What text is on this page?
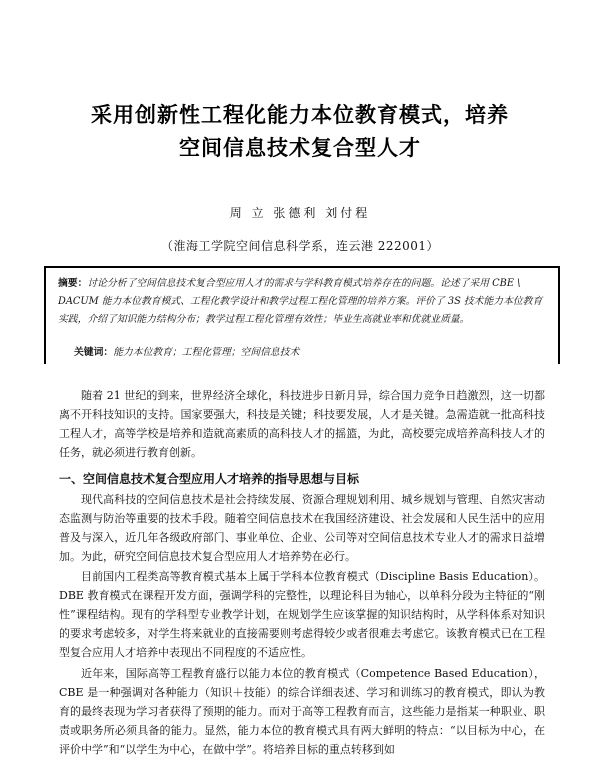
采用创新性工程化能力本位教育模式，培养
空间信息技术复合型人才
周 立 张德利 刘付程
（淮海工学院空间信息科学系，连云港 222001）
摘要：讨论分析了空间信息技术复合型应用人才的需求与学科教育模式培养存在的问题。论述了采用 CBE \ DACUM 能力本位教育模式、工程化教学设计和教学过程工程化管理的培养方案。评价了 3S 技术能力本位教育实践，介绍了知识能力结构分布；教学过程工程化管理有效性；毕业生高就业率和优就业质量。
关键词：能力本位教育；工程化管理；空间信息技术
随着 21 世纪的到来，世界经济全球化，科技进步日新月异，综合国力竞争日趋激烈，这一切都离不开科技知识的支持。国家要强大，科技是关键；科技要发展，人才是关键。急需造就一批高科技工程人才，高等学校是培养和造就高素质的高科技人才的摇篮，为此，高校要完成培养高科技人才的任务，就必须进行教育创新。
一、空间信息技术复合型应用人才培养的指导思想与目标
现代高科技的空间信息技术是社会持续发展、资源合理规划利用、城乡规划与管理、自然灾害动态监测与防治等重要的技术手段。随着空间信息技术在我国经济建设、社会发展和人民生活中的应用普及与深入，近几年各级政府部门、事业单位、企业、公司等对空间信息技术专业人才的需求日益增加。为此，研究空间信息技术复合型应用人才培养势在必行。
目前国内工程类高等教育模式基本上属于学科本位教育模式（Discipline Basis Education）。DBE 教育模式在课程开发方面，强调学科的完整性，以理论科目为轴心，以单科分段为主特征的“刚性”课程结构。现有的学科型专业教学计划，在规划学生应该掌握的知识结构时，从学科体系对知识的要求考虑较多，对学生将来就业的直接需要则考虑得较少或者很难去考虑它。该教育模式已在工程型复合应用人才培养中表现出不同程度的不适应性。
近年来，国际高等工程教育盛行以能力本位的教育模式（Competence Based Education），CBE 是一种强调对各种能力（知识＋技能）的综合详细表述、学习和训练习的教育模式，即认为教育的最终表现为学习者获得了预期的能力。而对于高等工程教育而言，这些能力是指某一种职业、职责或职务所必须具备的能力。显然，能力本位的教育模式具有两大鲜明的特点：“以目标为中心，在评价中学”和“以学生为中心，在做中学”。将培养目标的重点转移到如
